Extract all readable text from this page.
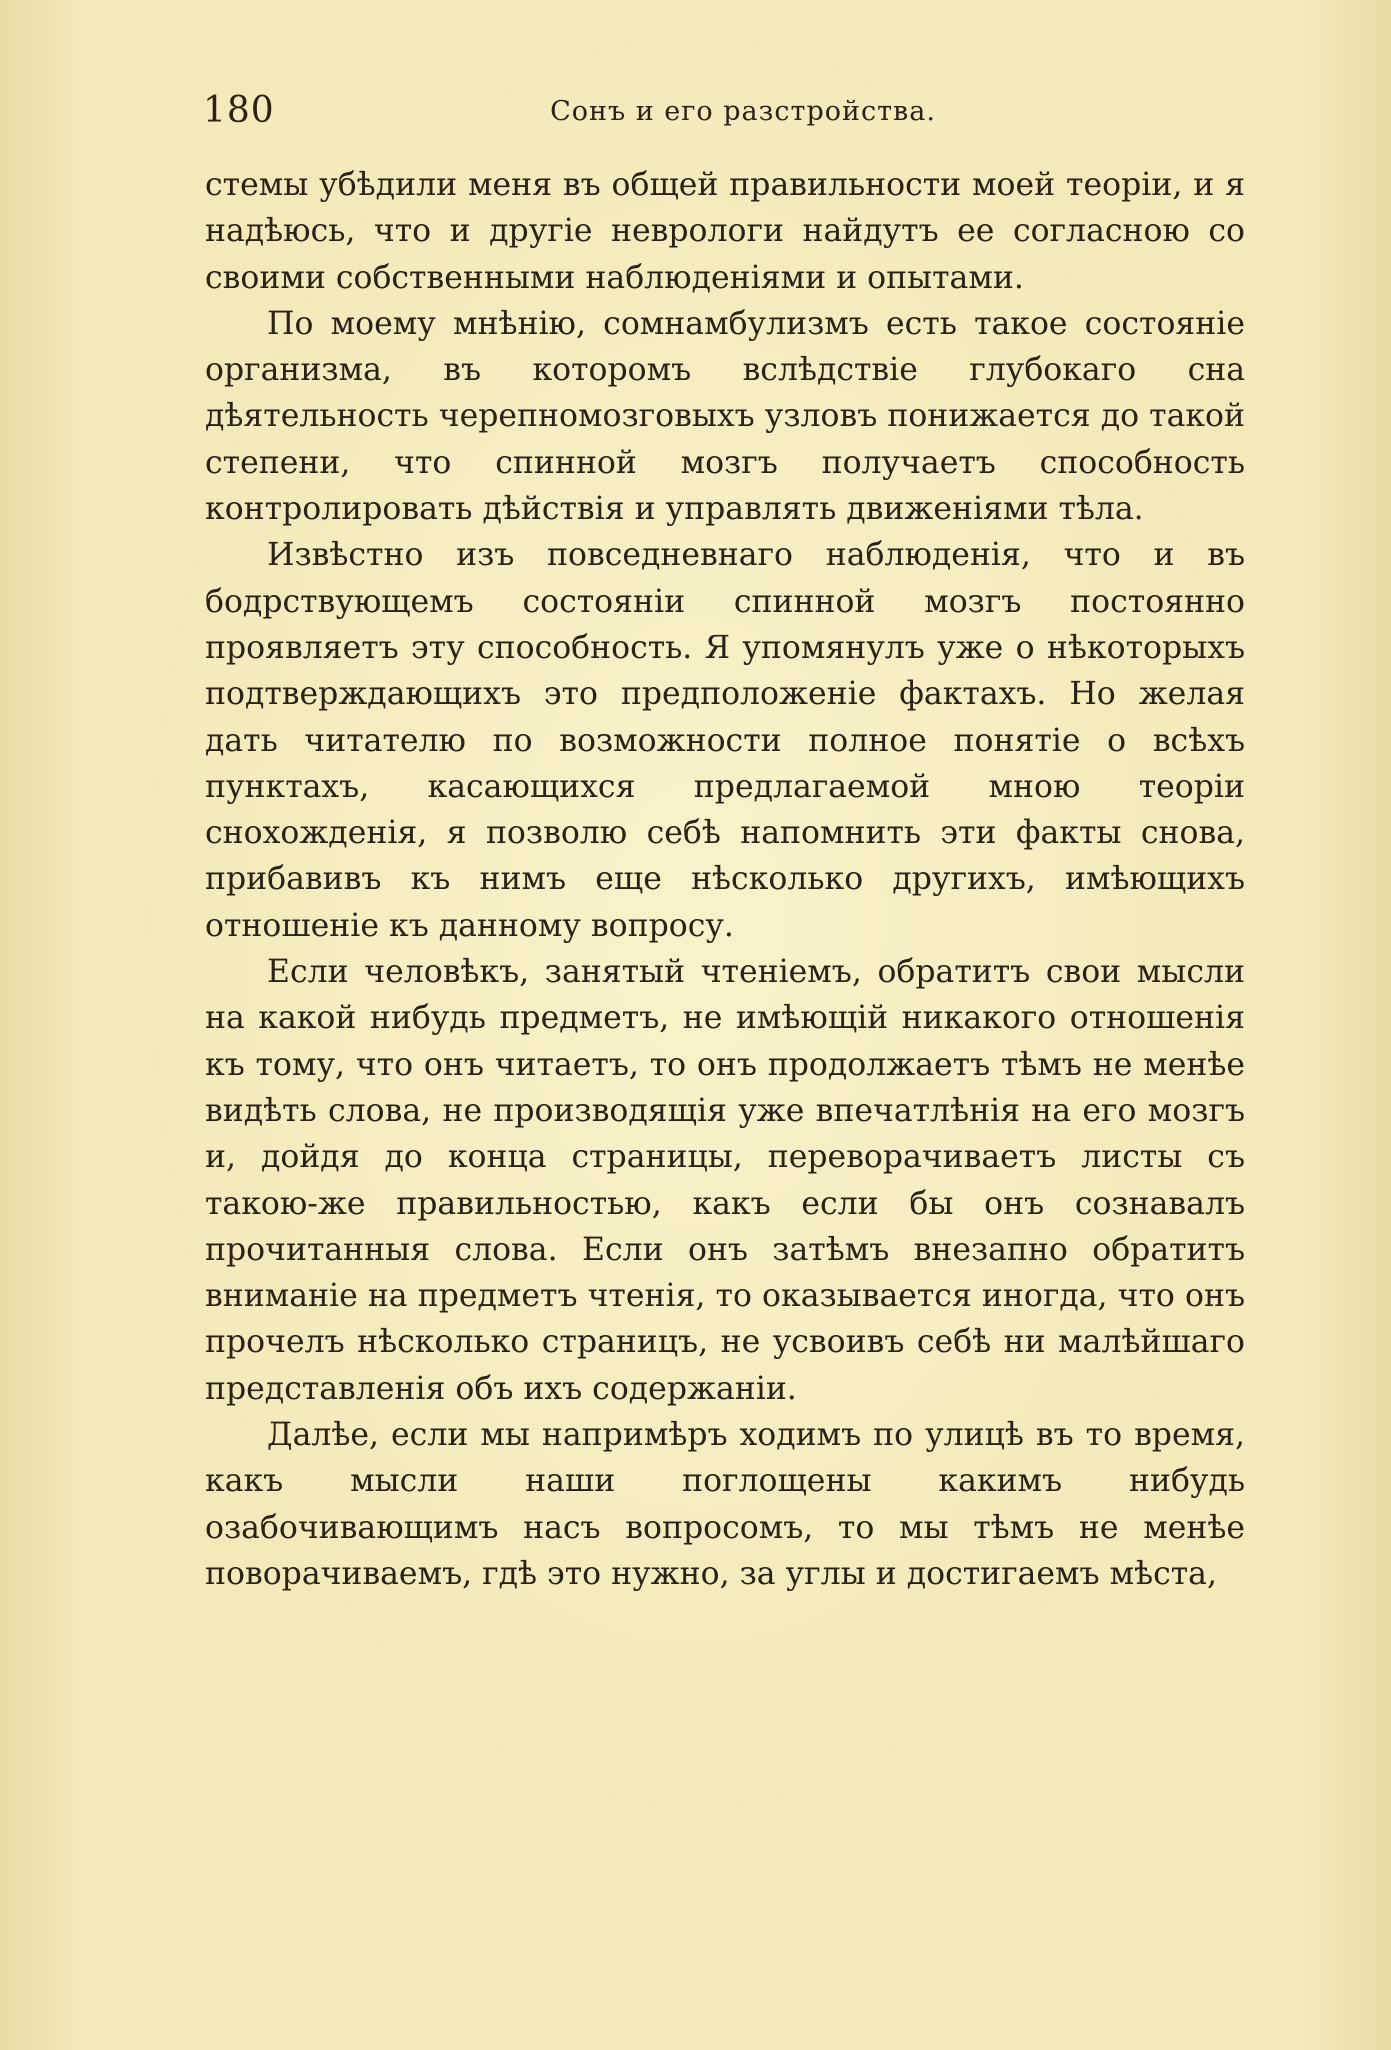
180	Сонъ и его разстройства.

стемы убѣдили меня въ общей правильности моей теоріи, и я надѣюсь, что и другіе неврологи найдутъ ее согласною со своими собственными наблюденіями и опытами.

По моему мнѣнію, сомнамбулизмъ есть такое состояніе организма, въ которомъ вслѣдствіе глубокаго сна дѣятельность черепномозговыхъ узловъ понижается до такой степени, что спинной мозгъ получаетъ способность контролировать дѣйствія и управлять движеніями тѣла.

Извѣстно изъ повседневнаго наблюденія, что и въ бодрствующемъ состояніи спинной мозгъ постоянно проявляетъ эту способность. Я упомянулъ уже о нѣкоторыхъ подтверждающихъ это предположеніе фактахъ. Но желая дать читателю по возможности полное понятіе о всѣхъ пунктахъ, касающихся предлагаемой мною теоріи снохожденія, я позволю себѣ напомнить эти факты снова, прибавивъ къ нимъ еще нѣсколько другихъ, имѣющихъ отношеніе къ данному вопросу.

Если человѣкъ, занятый чтеніемъ, обратитъ свои мысли на какой нибудь предметъ, не имѣющій никакого отношенія къ тому, что онъ читаетъ, то онъ продолжаетъ тѣмъ не менѣе видѣть слова, не производящія уже впечатлѣнія на его мозгъ и, дойдя до конца страницы, переворачиваетъ листы съ такою-же правильностью, какъ если бы онъ сознавалъ прочитанныя слова. Если онъ затѣмъ внезапно обратитъ вниманіе на предметъ чтенія, то оказывается иногда, что онъ прочелъ нѣсколько страницъ, не усвоивъ себѣ ни малѣйшаго представленія объ ихъ содержаніи.

Далѣе, если мы напримѣръ ходимъ по улицѣ въ то время, какъ мысли наши поглощены какимъ нибудь озабочивающимъ насъ вопросомъ, то мы тѣмъ не менѣе поворачиваемъ, гдѣ это нужно, за углы и достигаемъ мѣста,
